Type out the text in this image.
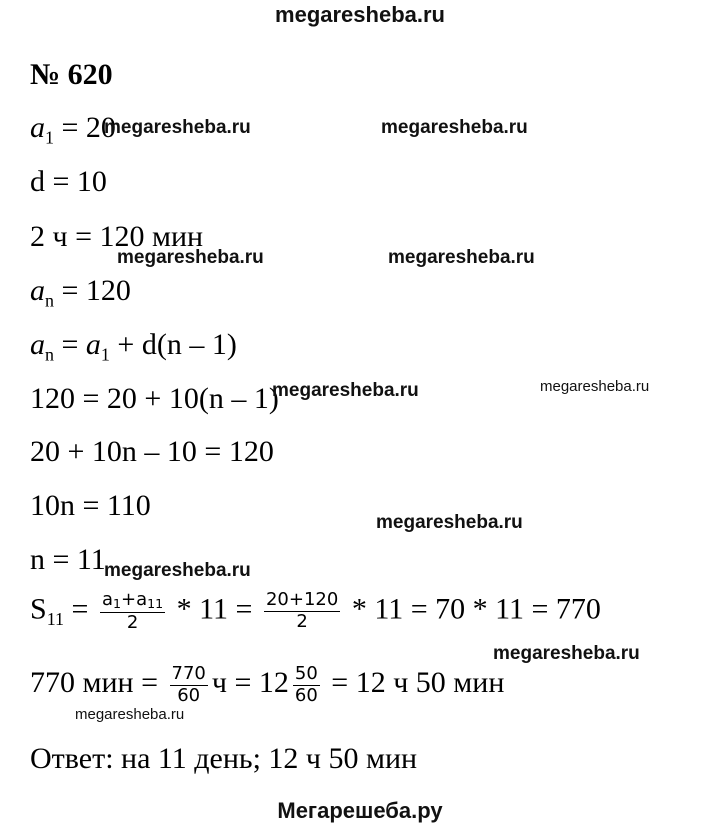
megaresheba.ru
№ 620
$a_1 = 20$
d = 10
2 ч = 120 мин
$a_n = 120$
$a_n = a_1 + d(n - 1)$
120 = 20 + 10(n – 1)
20 + 10n – 10 = 120
10n = 110
n = 11
$S_{11} = \frac{a_1+a_{11}}{2} * 11 = \frac{20+120}{2} * 11 = 70 * 11 = 770$
770 мин = $\frac{770}{60}$ $ч = 12 \frac{50}{60} = 12$ ч 50 мин
Ответ: на 11 день; 12 ч 50 мин
megaresheba.ru	megaresheba.ru
megaresheba.ru	megaresheba.ru
megaresheba.ru	megaresheba.ru
megaresheba.ru
megaresheba.ru
megaresheba.ru
megaresheba.ru
Мегарешеба.ру
